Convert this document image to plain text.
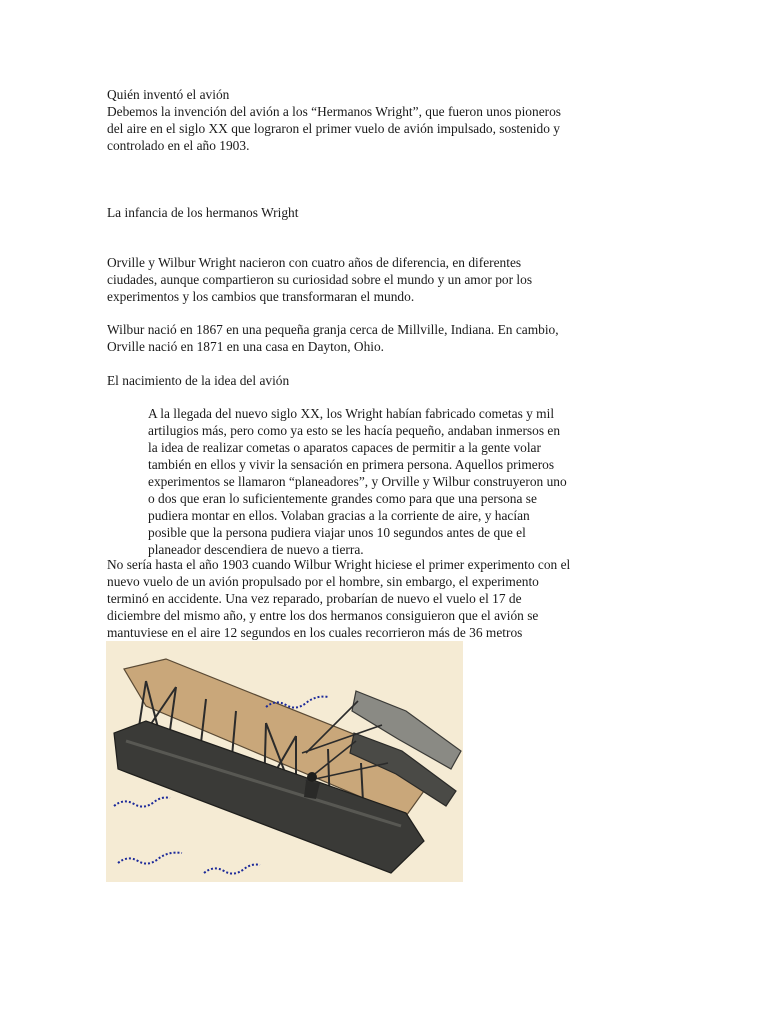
Quién inventó el avión
Debemos la invención del avión a los “Hermanos Wright”, que fueron unos pioneros
del aire en el siglo XX que lograron el primer vuelo de avión impulsado, sostenido y
controlado en el año 1903.
La infancia de los hermanos Wright
Orville y Wilbur Wright nacieron con cuatro años de diferencia, en diferentes
ciudades, aunque compartieron su curiosidad sobre el mundo y un amor por los
experimentos y los cambios que transformaran el mundo.
Wilbur nació en 1867 en una pequeña granja cerca de Millville, Indiana. En cambio,
Orville nació en 1871 en una casa en Dayton, Ohio.
El nacimiento de la idea del avión
A la llegada del nuevo siglo XX, los Wright habían fabricado cometas y mil
artilugios más, pero como ya esto se les hacía pequeño, andaban inmersos en
la idea de realizar cometas o aparatos capaces de permitir a la gente volar
también en ellos y vivir la sensación en primera persona. Aquellos primeros
experimentos se llamaron “planeadores”, y Orville y Wilbur construyeron uno
o dos que eran lo suficientemente grandes como para que una persona se
pudiera montar en ellos. Volaban gracias a la corriente de aire, y hacían
posible que la persona pudiera viajar unos 10 segundos antes de que el
planeador descendiera de nuevo a tierra.
No sería hasta el año 1903 cuando Wilbur Wright hiciese el primer experimento con el
nuevo vuelo de un avión propulsado por el hombre, sin embargo, el experimento
terminó en accidente. Una vez reparado, probarían de nuevo el vuelo el 17 de
diciembre del mismo año, y entre los dos hermanos consiguieron que el avión se
mantuviese en el aire 12 segundos en los cuales recorrieron más de 36 metros
